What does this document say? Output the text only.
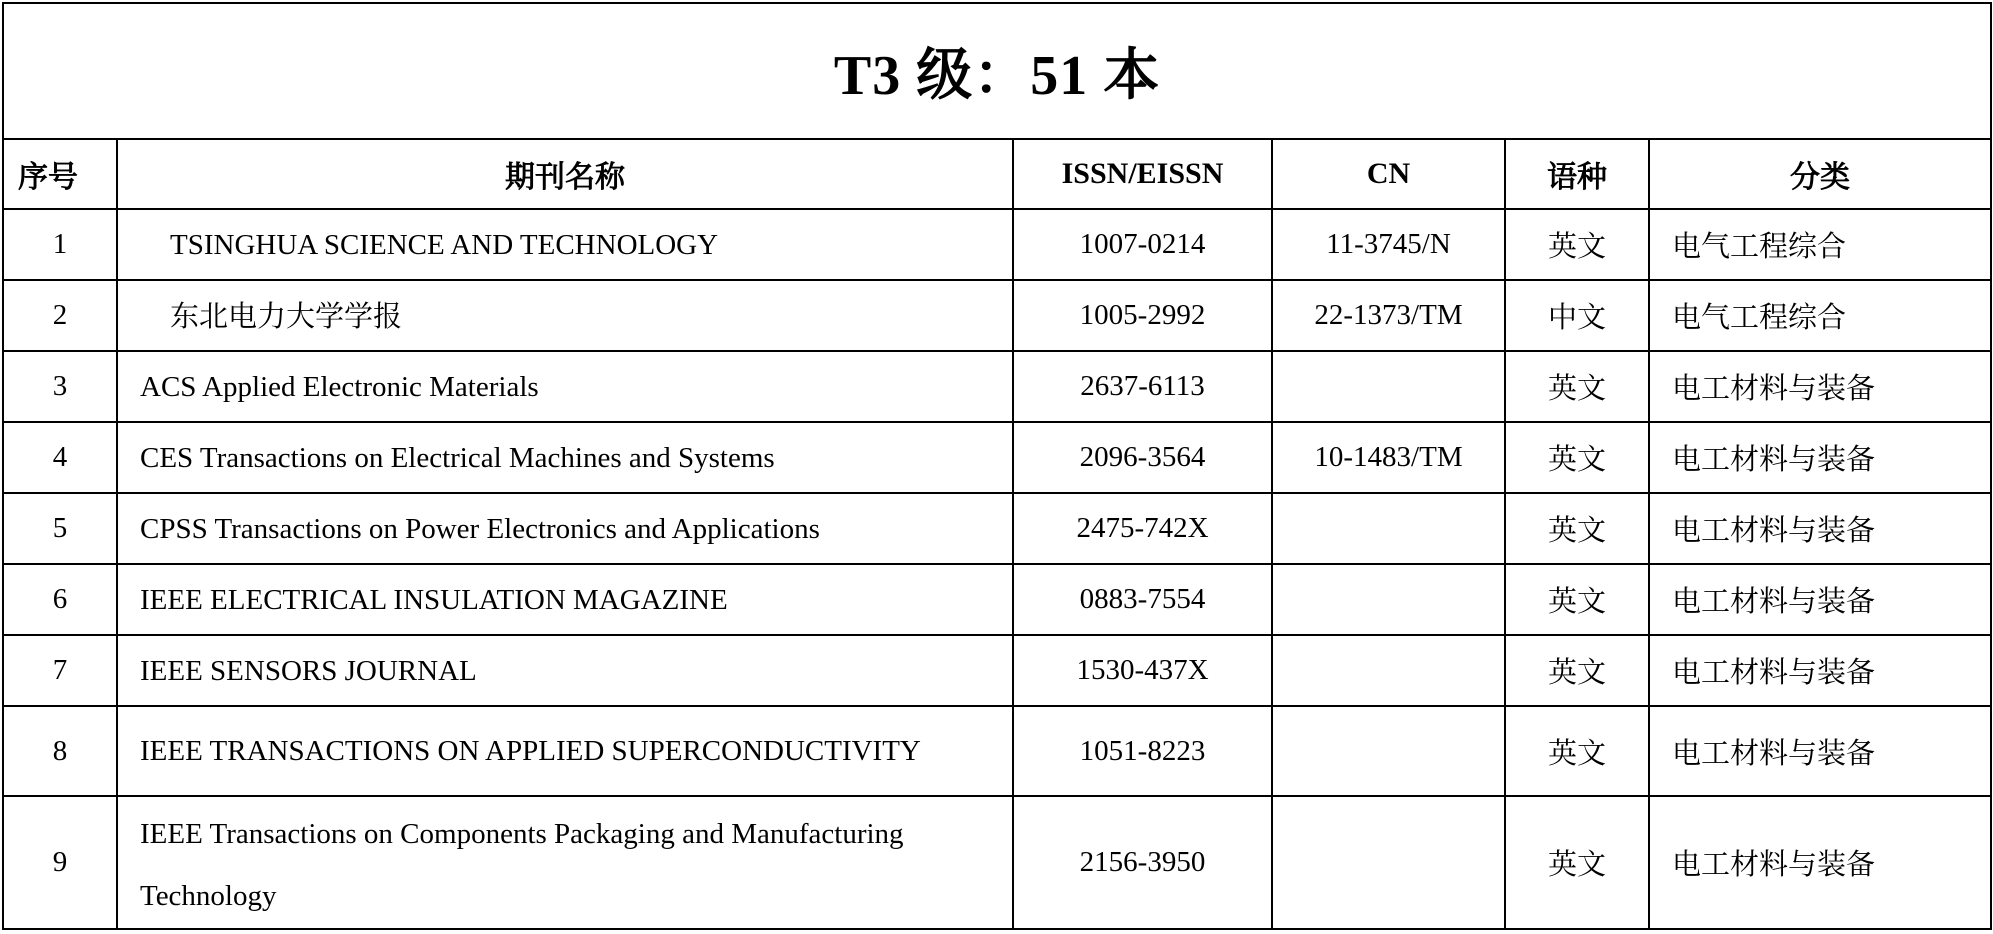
T3 级：51 本					
序号	期刊名称	ISSN/EISSN	CN	语种	分类
1	TSINGHUA SCIENCE AND TECHNOLOGY	1007-0214	11-3745/N	英文	电气工程综合
2	东北电力大学学报	1005-2992	22-1373/TM	中文	电气工程综合
3	ACS Applied Electronic Materials	2637-6113		英文	电工材料与装备
4	CES Transactions on Electrical Machines and Systems	2096-3564	10-1483/TM	英文	电工材料与装备
5	CPSS Transactions on Power Electronics and Applications	2475-742X		英文	电工材料与装备
6	IEEE ELECTRICAL INSULATION MAGAZINE	0883-7554		英文	电工材料与装备
7	IEEE SENSORS JOURNAL	1530-437X		英文	电工材料与装备
8	IEEE TRANSACTIONS ON APPLIED SUPERCONDUCTIVITY	1051-8223		英文	电工材料与装备
9	IEEE Transactions on Components Packaging and Manufacturing
Technology	2156-3950		英文	电工材料与装备
